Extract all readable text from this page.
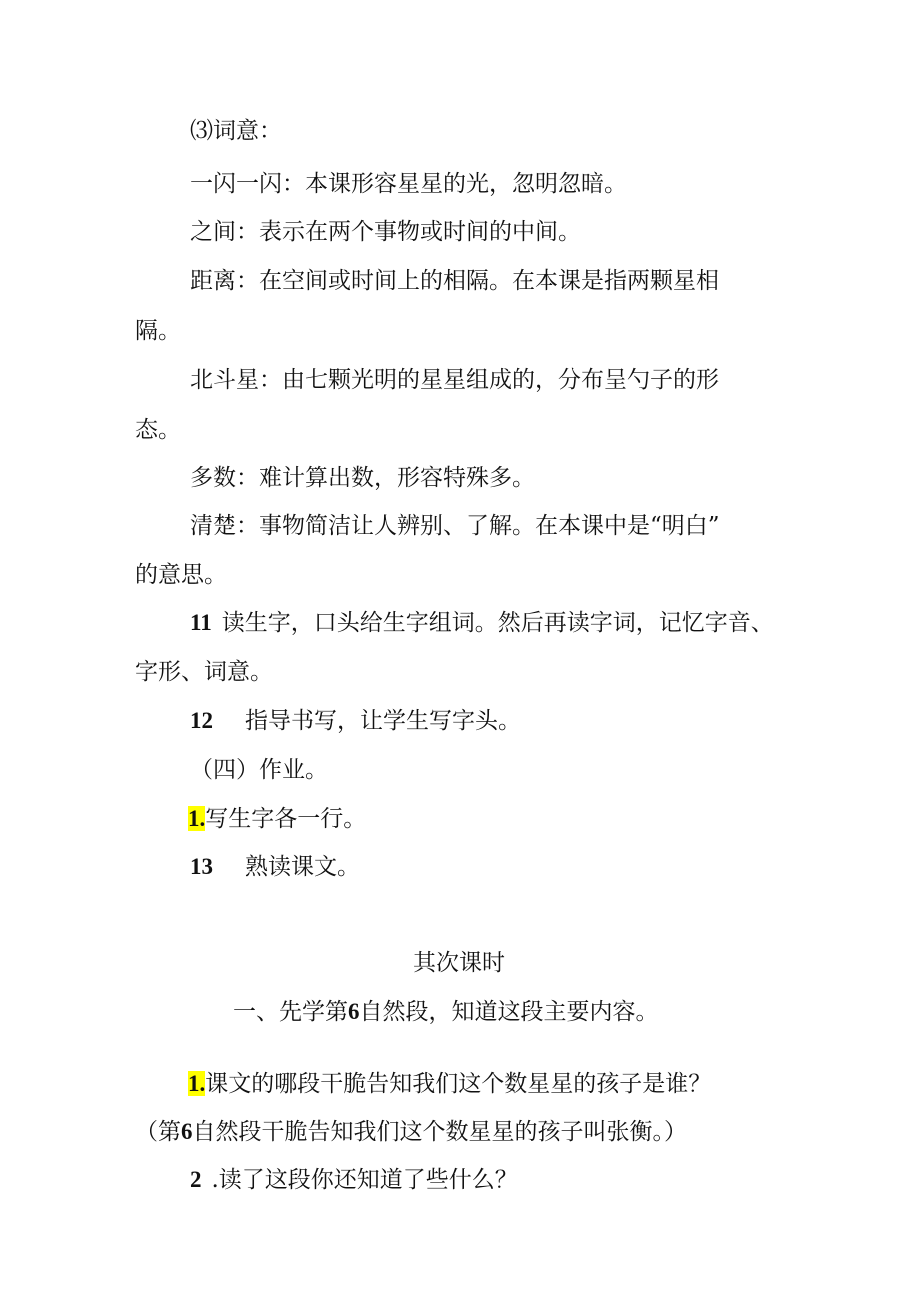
⑶词意：

一闪一闪：本课形容星星的光，忽明忽暗。

之间：表示在两个事物或时间的中间。

距离：在空间或时间上的相隔。在本课是指两颗星相

隔。

北斗星：由七颗光明的星星组成的，分布呈勺子的形

态。

多数：难计算出数，形容特殊多。

清楚：事物简洁让人辨别、了解。在本课中是“明白”

的意思。

11 读生字，口头给生字组词。然后再读字词，记忆字音、

字形、词意。

12 指导书写，让学生写字头。

（四）作业。

1.写生字各一行。

13 熟读课文。

其次课时

一、先学第6自然段，知道这段主要内容。

1.课文的哪段干脆告知我们这个数星星的孩子是谁？

（第6自然段干脆告知我们这个数星星的孩子叫张衡。）

2 .读了这段你还知道了些什么？
